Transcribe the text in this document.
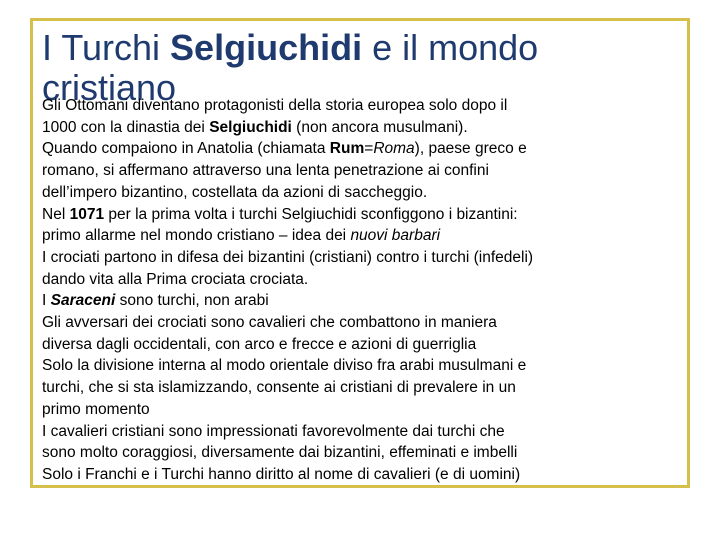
I Turchi Selgiuchidi e il mondo cristiano
Gli Ottomani diventano protagonisti della storia europea solo dopo il
1000 con la dinastia dei Selgiuchidi (non ancora musulmani).
Quando compaiono in Anatolia (chiamata Rum=Roma), paese greco e
romano, si affermano attraverso una lenta penetrazione ai confini
dell’impero bizantino, costellata da azioni di saccheggio.
Nel 1071 per la prima volta i turchi Selgiuchidi sconfiggono i bizantini:
primo allarme nel mondo cristiano – idea dei nuovi barbari
I crociati partono in difesa dei bizantini (cristiani) contro i turchi (infedeli)
dando vita alla Prima crociata crociata.
I Saraceni sono turchi, non arabi
Gli avversari dei crociati sono cavalieri che combattono in maniera
diversa dagli occidentali, con arco e frecce e azioni di guerriglia
Solo la divisione interna al modo orientale diviso fra arabi musulmani e
turchi, che si sta islamizzando, consente ai cristiani di prevalere in un
primo momento
I cavalieri cristiani sono impressionati favorevolmente dai turchi che
sono molto coraggiosi, diversamente dai bizantini, effeminati e imbelli
Solo i Franchi e i Turchi hanno diritto al nome di cavalieri (e di uomini)
